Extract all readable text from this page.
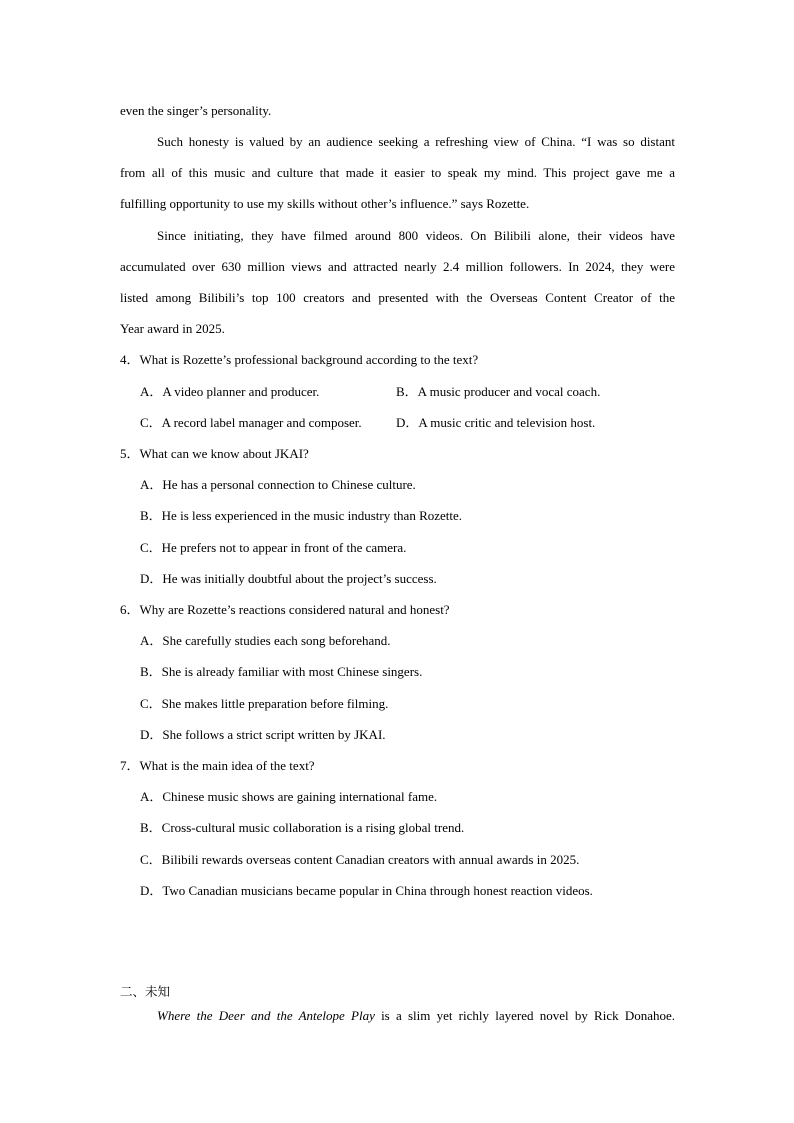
even the singer’s personality.
Such honesty is valued by an audience seeking a refreshing view of China. “I was so distant
from all of this music and culture that made it easier to speak my mind. This project gave me a
fulfilling opportunity to use my skills without other’s influence.” says Rozette.
Since initiating, they have filmed around 800 videos. On Bilibili alone, their videos have
accumulated over 630 million views and attracted nearly 2.4 million followers. In 2024, they were
listed among Bilibili’s top 100 creators and presented with the Overseas Content Creator of the
Year award in 2025.
4．What is Rozette’s professional background according to the text?
A．A video planner and producer.	B．A music producer and vocal coach.
C．A record label manager and composer.	D．A music critic and television host.
5．What can we know about JKAI?
A．He has a personal connection to Chinese culture.
B．He is less experienced in the music industry than Rozette.
C．He prefers not to appear in front of the camera.
D．He was initially doubtful about the project’s success.
6．Why are Rozette’s reactions considered natural and honest?
A．She carefully studies each song beforehand.
B．She is already familiar with most Chinese singers.
C．She makes little preparation before filming.
D．She follows a strict script written by JKAI.
7．What is the main idea of the text?
A．Chinese music shows are gaining international fame.
B．Cross-cultural music collaboration is a rising global trend.
C．Bilibili rewards overseas content Canadian creators with annual awards in 2025.
D．Two Canadian musicians became popular in China through honest reaction videos.
二、未知
Where the Deer and the Antelope Play is a slim yet richly layered novel by Rick Donahoe.
